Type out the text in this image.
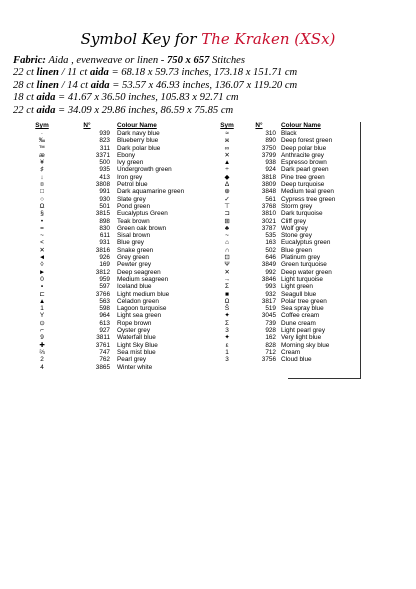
Symbol Key for The Kraken (XSx)
Fabric: Aida , evenweave or linen - 750 x 657 Stitches
22 ct linen / 11 ct aida = 68.18 x 59.73 inches, 173.18 x 151.71 cm
28 ct linen / 14 ct aida = 53.57 x 46.93 inches, 136.07 x 119.20 cm
18 ct aida = 41.67 x 36.50 inches, 105.83 x 92.71 cm
22 ct aida = 34.09 x 29.86 inches, 86.59 x 75.85 cm
Sym	N°	Colour Name
·	939	Dark navy blue
‰	823	Blueberry blue
™	311	Dark polar blue
æ	3371	Ebony
¥	500	Ivy green
♯	935	Undergrowth green
↓	413	Iron grey
¤	3808	Petrol blue
□	991	Dark aquamarine green
○	930	Slate grey
Ω	501	Pond green
§	3815	Eucalyptus Green
•	898	Teak brown
=	830	Green oak brown
~	611	Sisal brown
<	931	Blue grey
✕	3816	Snake green
◄	926	Grey green
◊	169	Pewter grey
►	3812	Deep seagreen
0	959	Medium seagreen
▪	597	Iceland blue
⊏	3766	Light medium blue
▲	563	Celadon green
1	598	Lagoon turquoise
Y	964	Light sea green
⊙	613	Rope brown
⌐	927	Oyster grey
9	3811	Waterfall blue
✚	3761	Light Sky Blue
⅔	747	Sea mist blue
2	762	Pearl grey
4	3865	Winter white
Sym	N°	Colour Name
≈	310 Black
ж	890 Deep forest green
∞	3750 Deep polar blue
✕	3799 Anthracite grey
▲	938 Espresso brown
÷	924 Dark pearl green
◆	3818 Pine tree green
Δ	3809 Deep turquoise
⊕	3848 Medium teal green
✓	561 Cypress tree green
⊤	3768 Storm grey
⊐	3810 Dark turquoise
⊞	3021 Cliff grey
♣	3787 Wolf grey
~	535 Stone grey
⌂	163 Eucalyptus green
∩	502 Blue green
⊡	646 Platinum grey
Ψ	3849 Green turquoise
✕	992 Deep water green
→	3846 Light turquoise
Σ	993 Light green
■	932 Seagull blue
Ω	3817 Polar tree green
Ŝ	519 Sea spray blue
✦	3045 Coffee cream
Σ	739 Dune cream
3	928 Light pearl grey
✦	162 Very light blue
ε	828 Morning sky blue
1	712 Cream
3	3756 Cloud blue
